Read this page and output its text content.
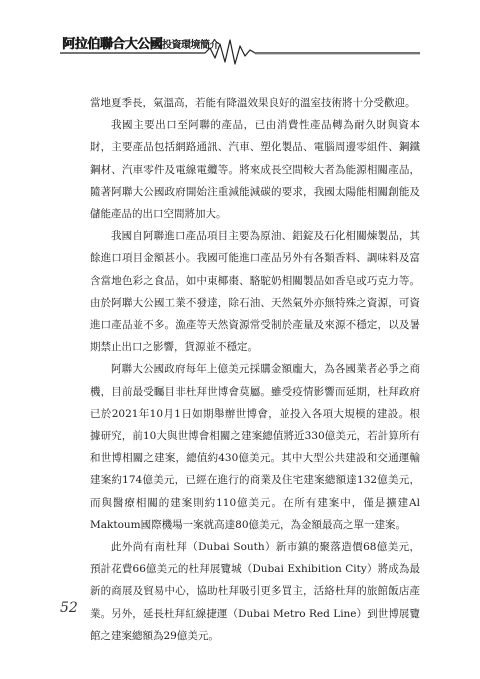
阿拉伯聯合大公國投資環境簡介

當地夏季長，氣溫高，若能有降溫效果良好的溫室技術將十分受歡迎。

我國主要出口至阿聯的產品，已由消費性產品轉為耐久財與資本財，主要產品包括網路通訊、汽車、塑化製品、電腦周邊零組件、鋼鐵鋼材、汽車零件及電線電纜等。將來成長空間較大者為能源相關產品，隨著阿聯大公國政府開始注重減能減碳的要求，我國太陽能相關創能及儲能產品的出口空間將加大。

我國自阿聯進口產品項目主要為原油、鋁錠及石化相關煉製品，其餘進口項目金額甚小。我國可能進口產品另外有各類香料、調味料及富含當地色彩之食品，如中東椰棗、駱駝奶相關製品如香皂或巧克力等。由於阿聯大公國工業不發達，除石油、天然氣外亦無特殊之資源，可資進口產品並不多。漁產等天然資源常受制於產量及來源不穩定，以及暑期禁止出口之影響，貨源並不穩定。

阿聯大公國政府每年上億美元採購金額龐大，為各國業者必爭之商機，目前最受矚目非杜拜世博會莫屬。雖受疫情影響而延期，杜拜政府已於2021年10月1日如期舉辦世博會，並投入各項大規模的建設。根據研究，前10大與世博會相關之建案總值將近330億美元，若計算所有和世博相關之建案，總值約430億美元。其中大型公共建設和交通運輸建案約174億美元，已經在進行的商業及住宅建案總額達132億美元，而與醫療相關的建案則約110億美元。在所有建案中，僅是擴建Al Maktoum國際機場一案就高達80億美元，為金額最高之單一建案。

此外尚有南杜拜（Dubai South）新市鎮的聚落造價68億美元，預計花費66億美元的杜拜展覽城（Dubai Exhibition City）將成為最新的商展及貿易中心，協助杜拜吸引更多買主，活絡杜拜的旅館飯店產業。另外，延長杜拜紅線捷運（Dubai Metro Red Line）到世博展覽館之建案總額為29億美元。

52
